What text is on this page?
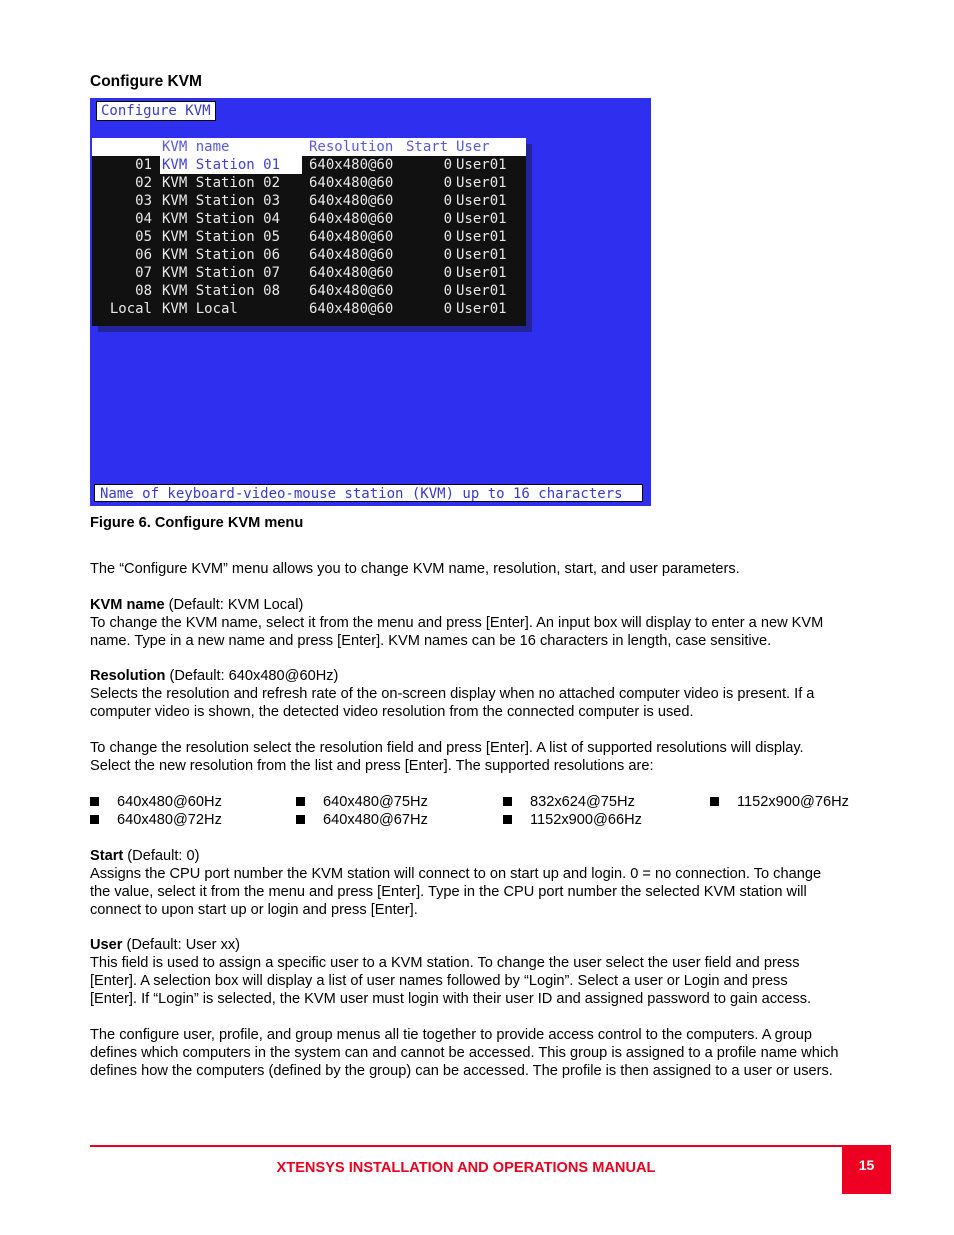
Configure KVM
Configure KVM
KVM name	Resolution Start User
01 KVM Station 01	640x480@60	0 User01
02 KVM Station 02	640x480@60	0 User01
03 KVM Station 03	640x480@60	0 User01
04 KVM Station 04	640x480@60	0 User01
05 KVM Station 05	640x480@60	0 User01
06 KVM Station 06	640x480@60	0 User01
07 KVM Station 07	640x480@60	0 User01
08 KVM Station 08	640x480@60	0 User01
Local KVM Local	640x480@60	0 User01
Name of keyboard-video-mouse station (KVM) up to 16 characters
Figure 6. Configure KVM menu
The “Configure KVM” menu allows you to change KVM name, resolution, start, and user parameters.
KVM name (Default: KVM Local)
To change the KVM name, select it from the menu and press [Enter]. An input box will display to enter a new KVM
name. Type in a new name and press [Enter]. KVM names can be 16 characters in length, case sensitive.
Resolution (Default: 640x480@60Hz)
Selects the resolution and refresh rate of the on-screen display when no attached computer video is present. If a
computer video is shown, the detected video resolution from the connected computer is used.
To change the resolution select the resolution field and press [Enter]. A list of supported resolutions will display.
Select the new resolution from the list and press [Enter]. The supported resolutions are:
640x480@60Hz	640x480@75Hz	832x624@75Hz	1152x900@76Hz
640x480@72Hz	640x480@67Hz	1152x900@66Hz
Start (Default: 0)
Assigns the CPU port number the KVM station will connect to on start up and login. 0 = no connection. To change
the value, select it from the menu and press [Enter]. Type in the CPU port number the selected KVM station will
connect to upon start up or login and press [Enter].
User (Default: User xx)
This field is used to assign a specific user to a KVM station. To change the user select the user field and press
[Enter]. A selection box will display a list of user names followed by “Login”. Select a user or Login and press
[Enter]. If “Login” is selected, the KVM user must login with their user ID and assigned password to gain access.
The configure user, profile, and group menus all tie together to provide access control to the computers. A group
defines which computers in the system can and cannot be accessed. This group is assigned to a profile name which
defines how the computers (defined by the group) can be accessed. The profile is then assigned to a user or users.
XTENSYS INSTALLATION AND OPERATIONS MANUAL	15
